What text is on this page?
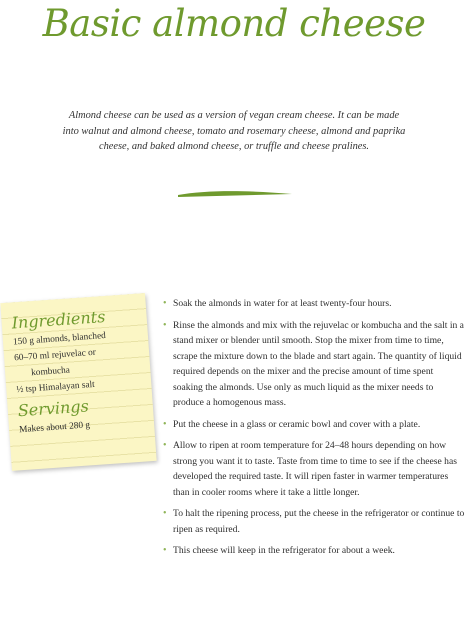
Basic almond cheese
Almond cheese can be used as a version of vegan cream cheese. It can be made into walnut and almond cheese, tomato and rosemary cheese, almond and paprika cheese, and baked almond cheese, or truffle and cheese pralines.
Ingredients
150 g almonds, blanched
60–70 ml rejuvelac or
kombucha
½ tsp Himalayan salt
Servings
Makes about 280 g
• Soak the almonds in water for at least twenty-four hours.
• Rinse the almonds and mix with the rejuvelac or kombucha and the salt in a stand mixer or blender until smooth. Stop the mixer from time to time, scrape the mixture down to the blade and start again. The quantity of liquid required depends on the mixer and the precise amount of time spent soaking the almonds. Use only as much liquid as the mixer needs to produce a homogenous mass.
• Put the cheese in a glass or ceramic bowl and cover with a plate.
• Allow to ripen at room temperature for 24–48 hours depending on how strong you want it to taste. Taste from time to time to see if the cheese has developed the required taste. It will ripen faster in warmer temperatures than in cooler rooms where it take a little longer.
• To halt the ripening process, put the cheese in the refrigerator or continue to ripen as required.
• This cheese will keep in the refrigerator for about a week.
